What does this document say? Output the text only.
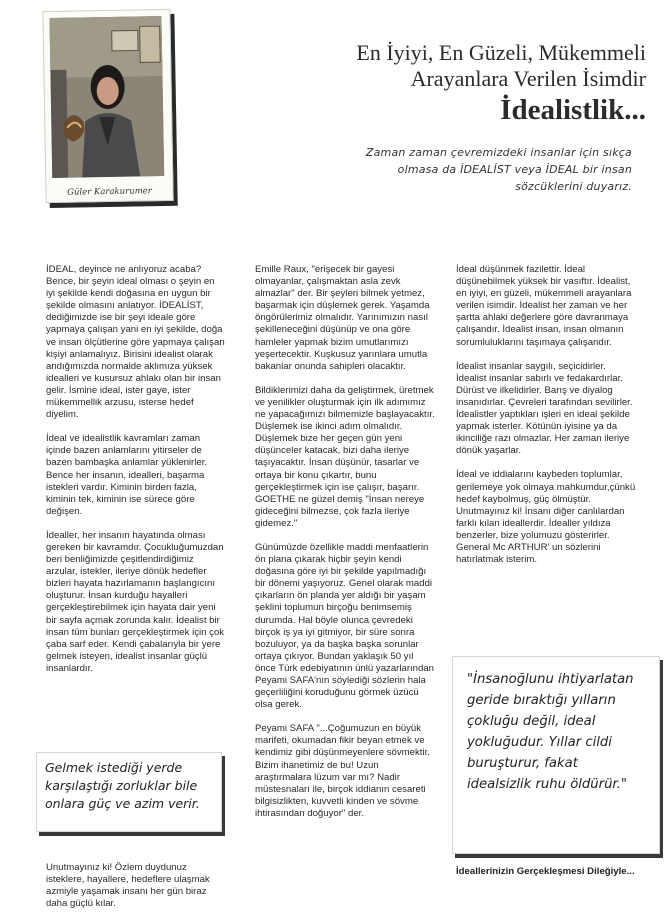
Güler Karakurumer
En İyiyi, En Güzeli, Mükemmeli
Arayanlara Verilen İsimdir
İdealistlik...
Zaman zaman çevremizdeki insanlar için sıkça olmasa da İDEALİST veya İDEAL bir insan sözcüklerini duyarız.

İDEAL, deyince ne anlıyoruz acaba? Bence, bir şeyin ideal olması o şeyin en iyi şekilde kendi doğasına en uygun bir şekilde olmasını anlatıyor. İDEALİST, dediğimizde ise bir şeyi ideale göre yapmaya çalışan yani en iyi şekilde, doğa ve insan ölçütlerine göre yapmaya çalışan kişiyi anlamalıyız. Birisini idealist olarak andığımızda normalde aklımıza yüksek idealleri ve kusursuz ahlakı olan bir insan gelir. İsmine ideal, ister gaye, ister mükemmellik arzusu, isterse hedef diyelim.

İdeal ve idealistlik kavramları zaman içinde bazen anlamlarını yitirseler de bazen bambaşka anlamlar yüklenirler. Bence her insanın, idealleri, başarma istekleri vardır. Kiminin birden fazla, kiminin tek, kiminin ise sürece göre değişen.

İdealler, her insanın hayatında olması gereken bir kavramdır. Çocukluğumuzdan beri benliğimizde çeşitlendirdiğimiz arzular, istekler, ileriye dönük hedefler bizleri hayata hazırlamanın başlangıcını oluşturur. İnsan kurduğu hayalleri gerçekleştirebilmek için hayata dair yeni bir sayfa açmak zorunda kalır. İdealist bir insan tüm bunları gerçekleştirmek için çok çaba sarf eder. Kendi çabalarıyla bir yere gelmek isteyen, idealist insanlar güçlü insanlardır.

Gelmek istediği yerde karşılaştığı zorluklar bile onlara güç ve azim verir.

Unutmayınız ki! Özlem duydunuz isteklere, hayallere, hedeflere ulaşmak azmiyle yaşamak insanı her gün biraz daha güçlü kılar.

Emille Raux, "erişecek bir gayesi olmayanlar, çalışmaktan asla zevk almazlar" der. Bir şeyleri bilmek yetmez, başarmak için düşlemek gerek. Yaşamda öngörülerimiz olmalıdır. Yarınımızın nasıl şekilleneceğini düşünüp ve ona göre hamleler yapmak bizim umutlarımızı yeşertecektir. Kuşkusuz yarınlara umutla bakanlar onunda sahipleri olacaktır.

Bildiklerimizi daha da geliştirmek, üretmek ve yenilikler oluşturmak için ilk adımımız ne yapacağımızı bilmemizle başlayacaktır. Düşlemek ise ikinci adım olmalıdır. Düşlemek bize her geçen gün yeni düşünceler katacak, bizi daha ileriye taşıyacaktır. İnsan düşünür, tasarlar ve ortaya bir konu çıkartır, bunu gerçekleştirmek için ise çalışır, başarır. GOETHE ne güzel demiş "İnsan nereye gideceğini bilmezse, çok fazla ileriye gidemez."

Günümüzde özellikle maddi menfaatlerin ön plana çıkarak hiçbir şeyin kendi doğasına göre iyi bir şekilde yapılmadığı bir dönemi yaşıyoruz. Genel olarak maddi çıkarların ön planda yer aldığı bir yaşam şeklini toplumun birçoğu benimsemiş durumda. Hal böyle olunca çevredeki birçok iş ya iyi gitmiyor, bir süre sonra bozuluyor, ya da başka başka sorunlar ortaya çıkıyor. Bundan yaklaşık 50 yıl önce Türk edebiyatının ünlü yazarlarından Peyami SAFA'nın söylediği sözlerin hala geçerliliğini koruduğunu görmek üzücü olsa gerek.

Peyami SAFA "...Çoğumuzun en büyük marifeti, okumadan fikir beyan etmek ve kendimiz gibi düşünmeyenlere sövmektir. Bizim ihanetimiz de bu! Uzun araştırmalara lüzum var mı? Nadir müstesnaları ile, birçok iddianın cesareti bilgisizlikten, kuvvetli kinden ve sövme ihtirasından doğuyor" der.

İdeal düşünmek fazilettir. İdeal düşünebilmek yüksek bir vasıftır. İdealist, en iyiyi, en güzeli, mükemmeli arayanlara verilen isimdir. İdealist her zaman ve her şartta ahlaki değerlere göre davranmaya çalışandır. İdealist insan, insan olmanın sorumluluklarını taşımaya çalışandır.

İdealist insanlar saygılı, seçicidirler. İdealist insanlar sabırlı ve fedakardırlar. Dürüst ve ilkelidirler. Barış ve diyalog insanıdırlar. Çevreleri tarafından sevilirler. İdealistler yaptıkları işleri en ideal şekilde yapmak isterler. Kötünün iyisine ya da ikinciliğe razı olmazlar. Her zaman ileriye dönük yaşarlar.

İdeal ve iddialarını kaybeden toplumlar, gerilemeye yok olmaya mahkumdur,çünkü hedef kaybolmuş, güç ölmüştür. Unutmayınız ki! İnsanı diğer canlılardan farklı kılan ideallerdir. İdealler yıldıza benzerler, bize yolumuzu gösterirler. General Mc ARTHUR' un sözlerini hatırlatmak isterim.

"İnsanoğlunu ihtiyarlatan geride bıraktığı yılların çokluğu değil, ideal yokluğudur. Yıllar cildi buruşturur, fakat idealsizlik ruhu öldürür."
İdeallerinizin Gerçekleşmesi Dileğiyle...
